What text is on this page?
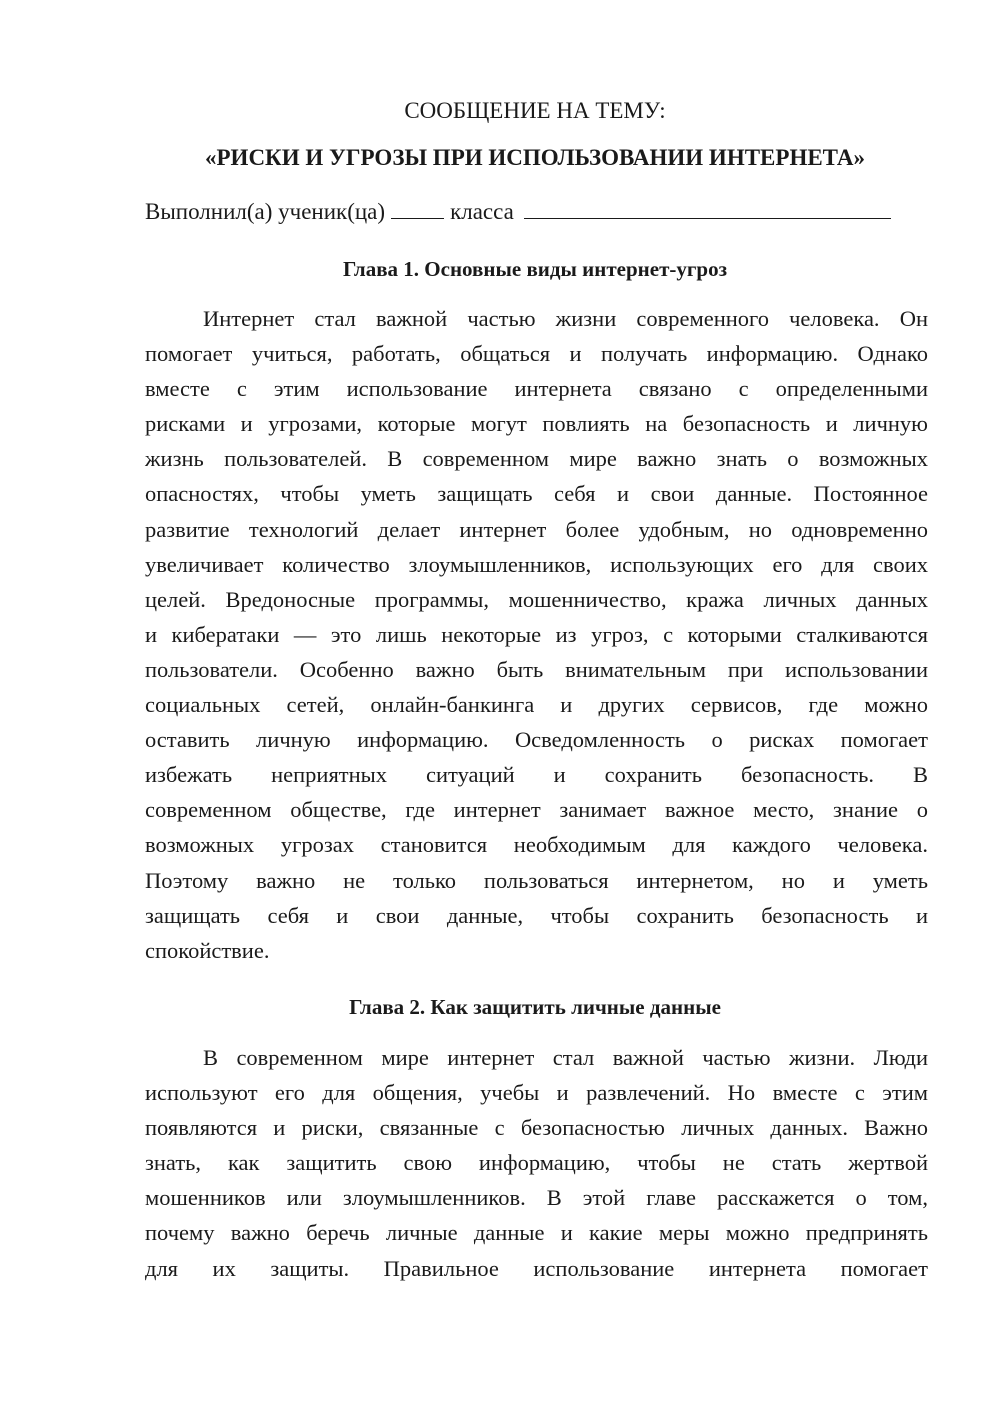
СООБЩЕНИЕ НА ТЕМУ:
«РИСКИ И УГРОЗЫ ПРИ ИСПОЛЬЗОВАНИИ ИНТЕРНЕТА»
Выполнил(а) ученик(ца)	класса
Глава 1. Основные виды интернет-угроз
Интернет стал важной частью жизни современного человека. Он
помогает учиться, работать, общаться и получать информацию. Однако
вместе с этим использование интернета связано с определенными
рисками и угрозами, которые могут повлиять на безопасность и личную
жизнь пользователей. В современном мире важно знать о возможных
опасностях, чтобы уметь защищать себя и свои данные. Постоянное
развитие технологий делает интернет более удобным, но одновременно
увеличивает количество злоумышленников, использующих его для своих
целей. Вредоносные программы, мошенничество, кража личных данных
и кибератаки — это лишь некоторые из угроз, с которыми сталкиваются
пользователи. Особенно важно быть внимательным при использовании
социальных сетей, онлайн-банкинга и других сервисов, где можно
оставить личную информацию. Осведомленность о рисках помогает
избежать неприятных ситуаций и сохранить безопасность. В
современном обществе, где интернет занимает важное место, знание о
возможных угрозах становится необходимым для каждого человека.
Поэтому важно не только пользоваться интернетом, но и уметь
защищать себя и свои данные, чтобы сохранить безопасность и
спокойствие.
Глава 2. Как защитить личные данные
В современном мире интернет стал важной частью жизни. Люди
используют его для общения, учебы и развлечений. Но вместе с этим
появляются и риски, связанные с безопасностью личных данных. Важно
знать, как защитить свою информацию, чтобы не стать жертвой
мошенников или злоумышленников. В этой главе расскажется о том,
почему важно беречь личные данные и какие меры можно предпринять
для их защиты. Правильное использование интернета помогает
